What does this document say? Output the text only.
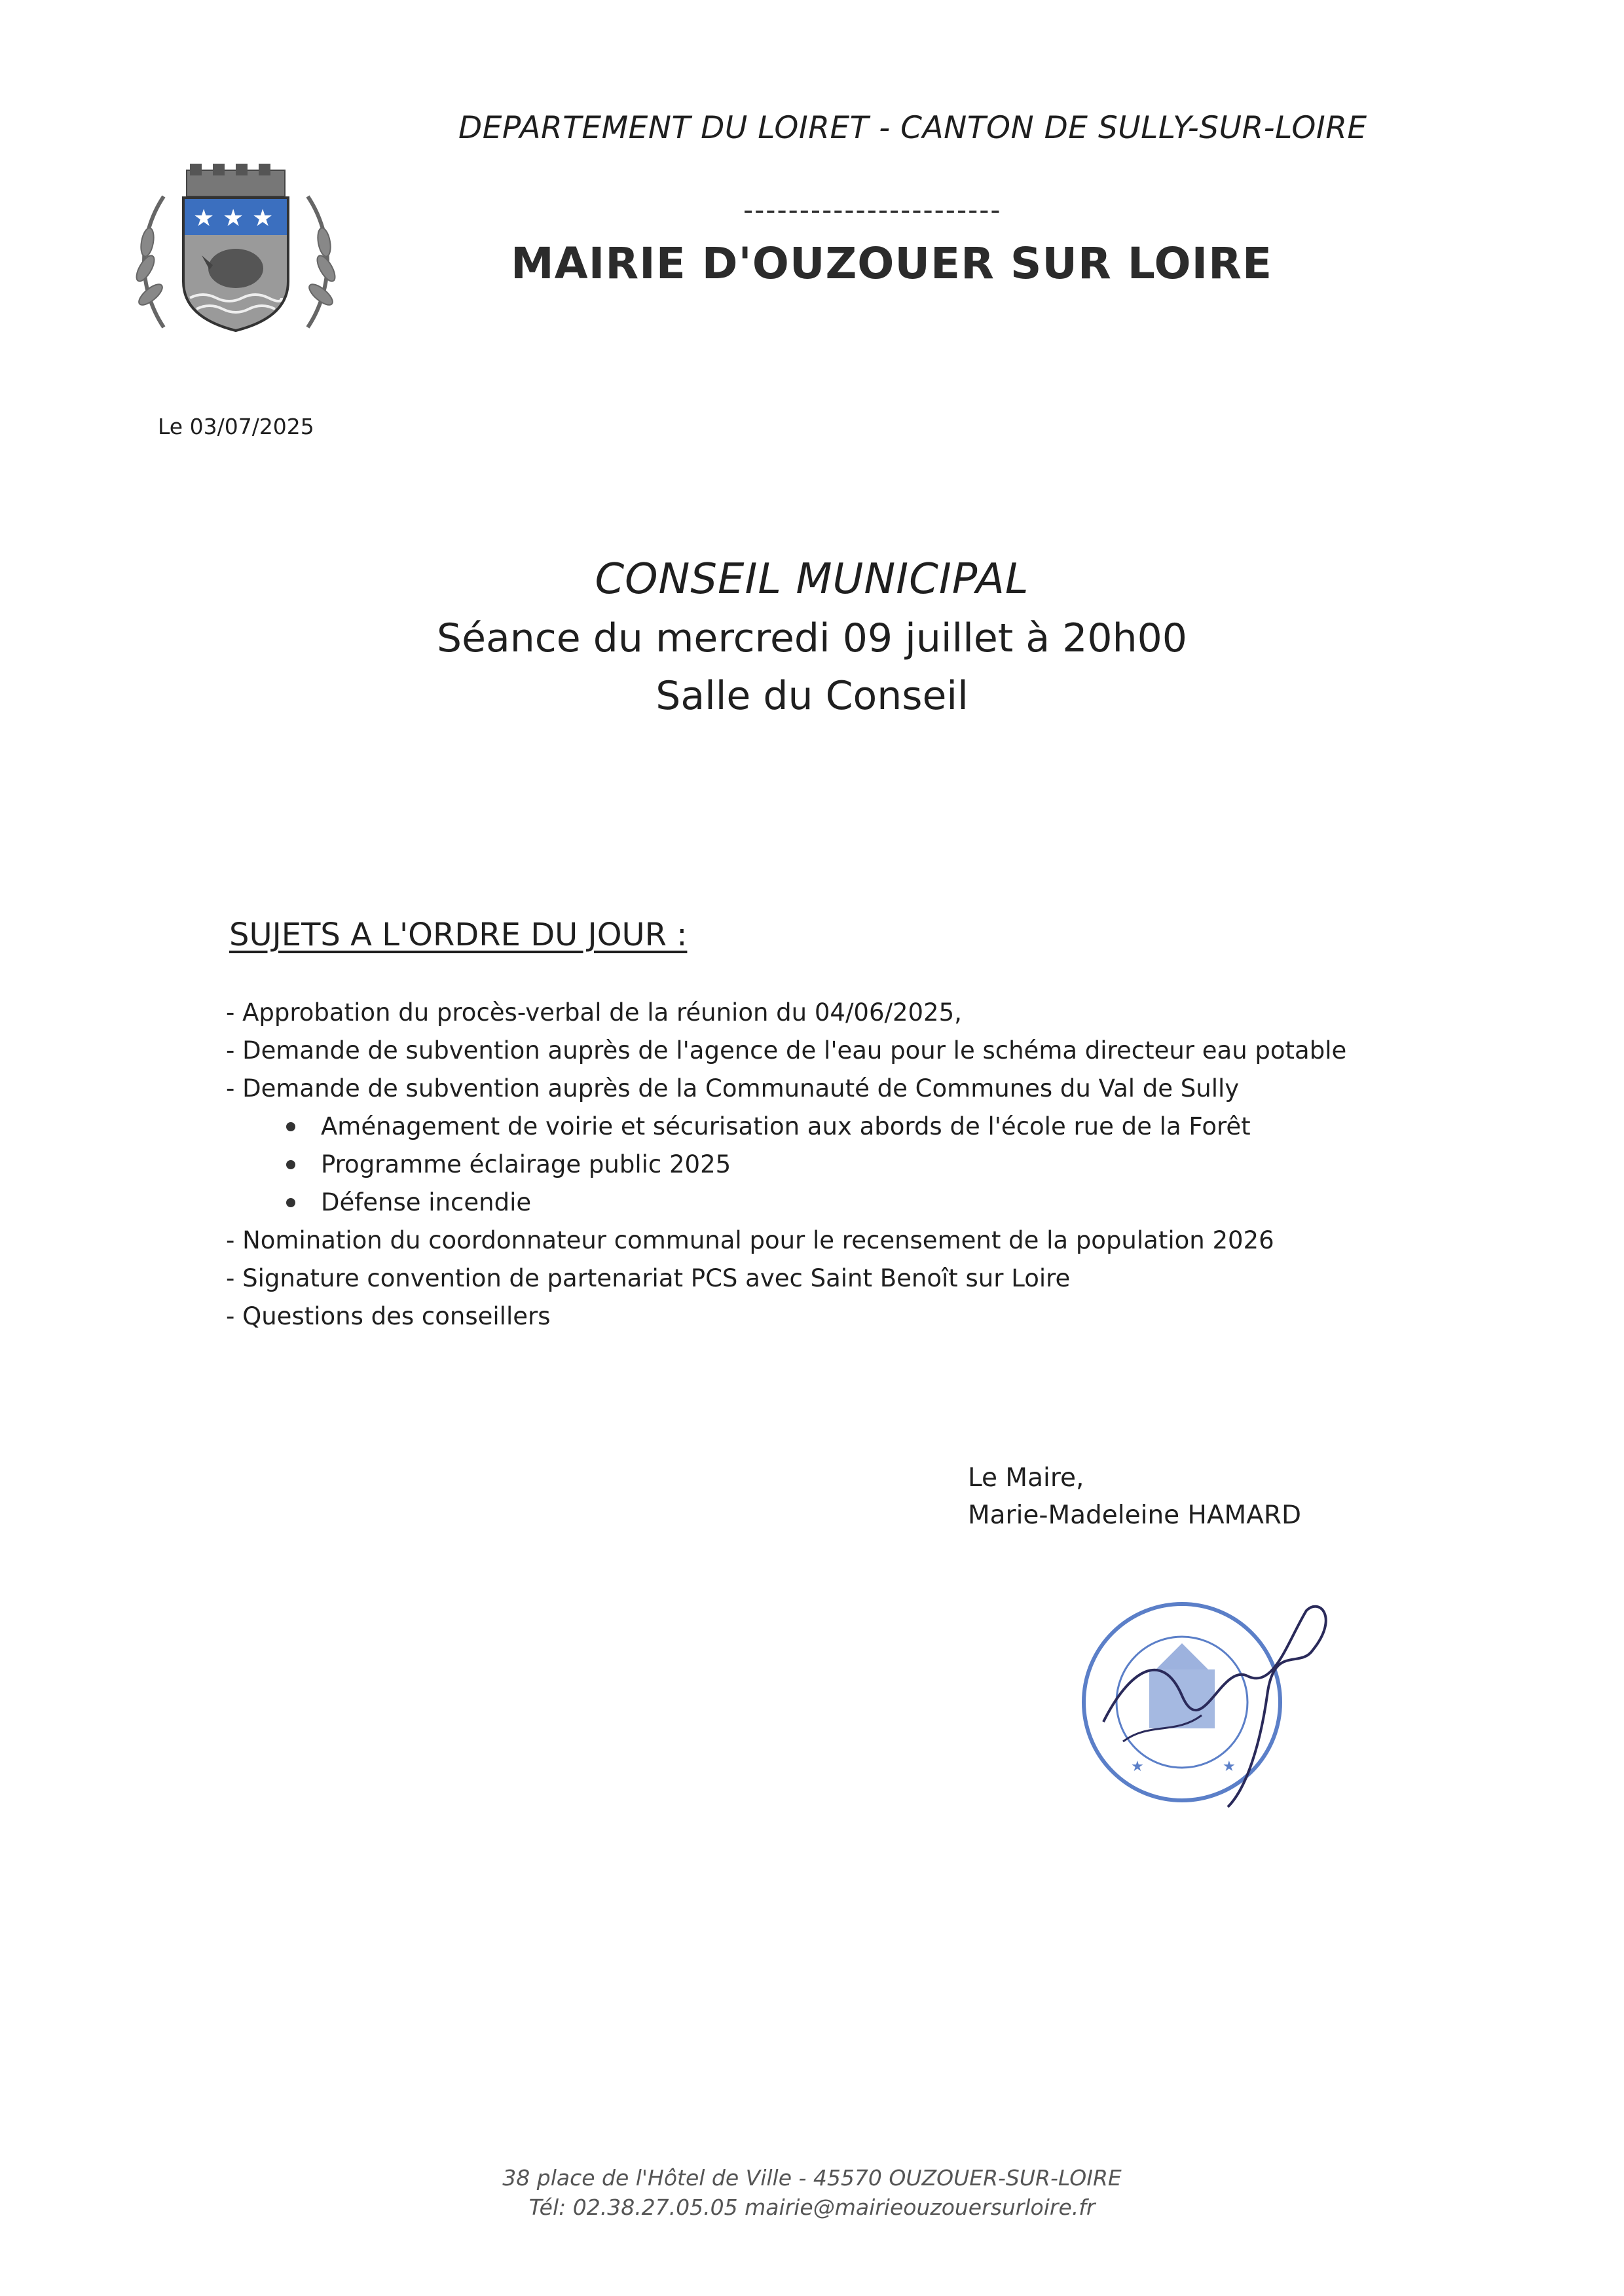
★ ★ ★
DEPARTEMENT DU LOIRET - CANTON DE SULLY-SUR-LOIRE
-----------------------
MAIRIE D'OUZOUER SUR LOIRE
Le 03/07/2025
CONSEIL MUNICIPAL
Séance du mercredi 09 juillet à 20h00
Salle du Conseil
SUJETS A L'ORDRE DU JOUR :
- Approbation du procès-verbal de la réunion du 04/06/2025,
- Demande de subvention auprès de l'agence de l'eau pour le schéma directeur eau potable
- Demande de subvention auprès de la Communauté de Communes du Val de Sully
Aménagement de voirie et sécurisation aux abords de l'école rue de la Forêt
Programme éclairage public 2025
Défense incendie
- Nomination du coordonnateur communal pour le recensement de la population 2026
- Signature convention de partenariat PCS avec Saint Benoît sur Loire
- Questions des conseillers
Le Maire,
Marie-Madeleine HAMARD
★
★
38 place de l'Hôtel de Ville - 45570 OUZOUER-SUR-LOIRE
Tél: 02.38.27.05.05 mairie@mairieouzouersurloire.fr
